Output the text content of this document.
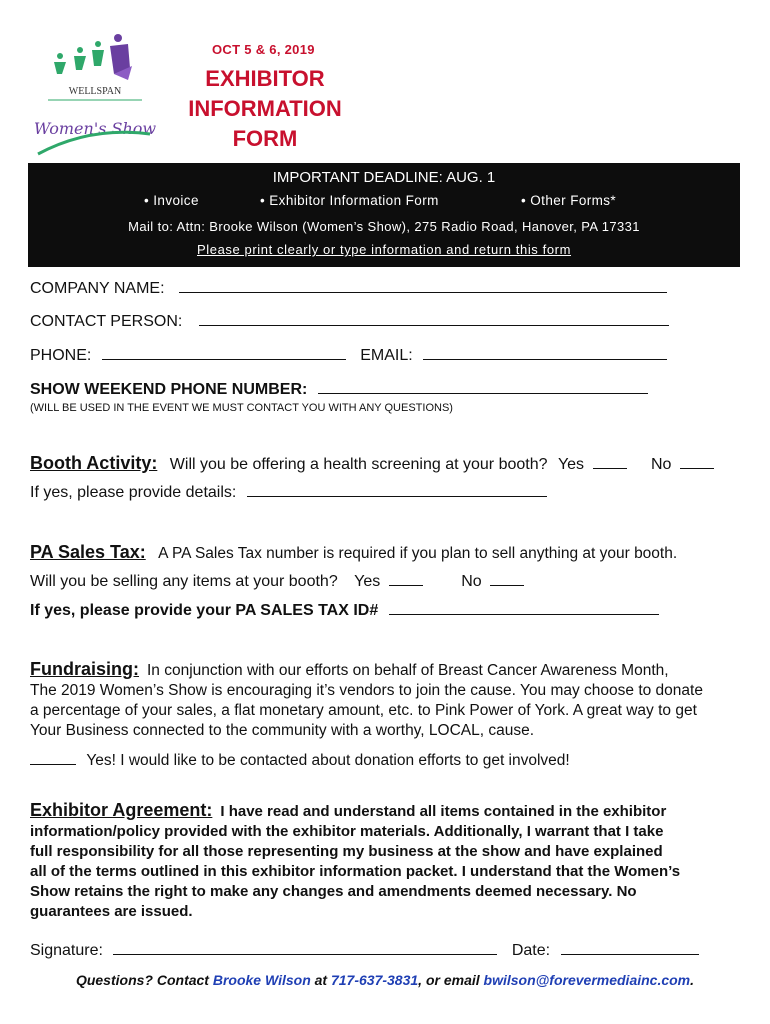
WELLSPAN
Women's Show
OCT 5 & 6, 2019
EXHIBITOR
INFORMATION
FORM
IMPORTANT DEADLINE: AUG. 1
• Invoice	• Exhibitor Information Form	• Other Forms*
Mail to: Attn: Brooke Wilson (Women’s Show), 275 Radio Road, Hanover, PA 17331
Please print clearly or type information and return this form
COMPANY NAME:
CONTACT PERSON:
PHONE:	EMAIL:
SHOW WEEKEND PHONE NUMBER:
(WILL BE USED IN THE EVENT WE MUST CONTACT YOU WITH ANY QUESTIONS)
Booth Activity: Will you be offering a health screening at your booth? Yes	No
If yes, please provide details:
PA Sales Tax: A PA Sales Tax number is required if you plan to sell anything at your booth.
Will you be selling any items at your booth? Yes	No
If yes, please provide your PA SALES TAX ID#
Fundraising: In conjunction with our efforts on behalf of Breast Cancer Awareness Month,
The 2019 Women’s Show is encouraging it’s vendors to join the cause. You may choose to donate
a percentage of your sales, a flat monetary amount, etc. to Pink Power of York. A great way to get
Your Business connected to the community with a worthy, LOCAL, cause.
Yes! I would like to be contacted about donation efforts to get involved!
Exhibitor Agreement: I have read and understand all items contained in the exhibitor
information/policy provided with the exhibitor materials. Additionally, I warrant that I take
full responsibility for all those representing my business at the show and have explained
all of the terms outlined in this exhibitor information packet. I understand that the Women’s
Show retains the right to make any changes and amendments deemed necessary. No
guarantees are issued.
Signature:	Date:
Questions? Contact Brooke Wilson at 717-637-3831, or email bwilson@forevermediainc.com.
